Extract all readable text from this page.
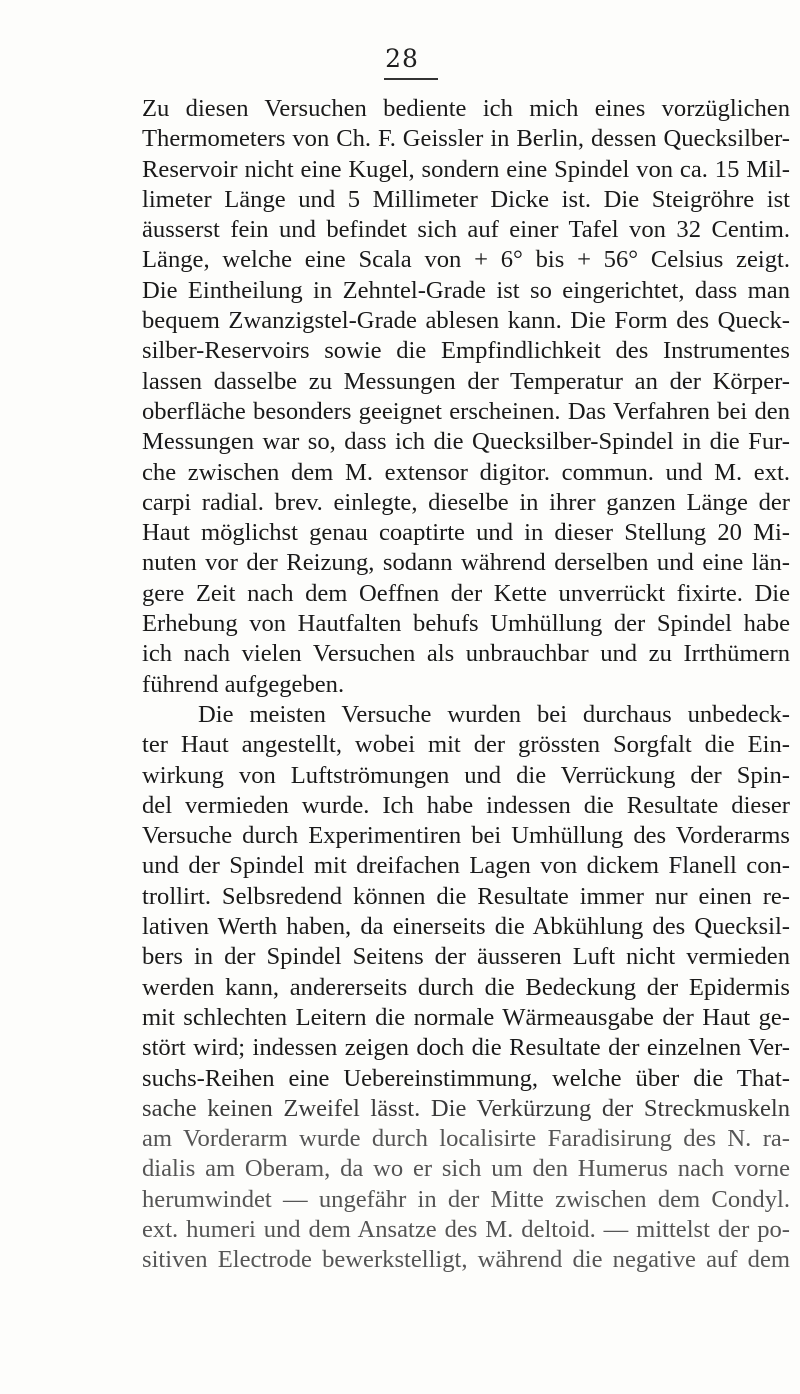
28
Zu diesen Versuchen bediente ich mich eines vorzüglichen
Thermometers von Ch. F. Geissler in Berlin, dessen Quecksilber-
Reservoir nicht eine Kugel, sondern eine Spindel von ca. 15 Mil-
limeter Länge und 5 Millimeter Dicke ist. Die Steigröhre ist
äusserst fein und befindet sich auf einer Tafel von 32 Centim.
Länge, welche eine Scala von + 6° bis + 56° Celsius zeigt.
Die Eintheilung in Zehntel-Grade ist so eingerichtet, dass man
bequem Zwanzigstel-Grade ablesen kann. Die Form des Queck-
silber-Reservoirs sowie die Empfindlichkeit des Instrumentes
lassen dasselbe zu Messungen der Temperatur an der Körper-
oberfläche besonders geeignet erscheinen. Das Verfahren bei den
Messungen war so, dass ich die Quecksilber-Spindel in die Fur-
che zwischen dem M. extensor digitor. commun. und M. ext.
carpi radial. brev. einlegte, dieselbe in ihrer ganzen Länge der
Haut möglichst genau coaptirte und in dieser Stellung 20 Mi-
nuten vor der Reizung, sodann während derselben und eine län-
gere Zeit nach dem Oeffnen der Kette unverrückt fixirte. Die
Erhebung von Hautfalten behufs Umhüllung der Spindel habe
ich nach vielen Versuchen als unbrauchbar und zu Irrthümern
führend aufgegeben.
Die meisten Versuche wurden bei durchaus unbedeck-
ter Haut angestellt, wobei mit der grössten Sorgfalt die Ein-
wirkung von Luftströmungen und die Verrückung der Spin-
del vermieden wurde. Ich habe indessen die Resultate dieser
Versuche durch Experimentiren bei Umhüllung des Vorderarms
und der Spindel mit dreifachen Lagen von dickem Flanell con-
trollirt. Selbsredend können die Resultate immer nur einen re-
lativen Werth haben, da einerseits die Abkühlung des Quecksil-
bers in der Spindel Seitens der äusseren Luft nicht vermieden
werden kann, andererseits durch die Bedeckung der Epidermis
mit schlechten Leitern die normale Wärmeausgabe der Haut ge-
stört wird; indessen zeigen doch die Resultate der einzelnen Ver-
suchs-Reihen eine Uebereinstimmung, welche über die That-
sache keinen Zweifel lässt. Die Verkürzung der Streckmuskeln
am Vorderarm wurde durch localisirte Faradisirung des N. ra-
dialis am Oberam, da wo er sich um den Humerus nach vorne
herumwindet — ungefähr in der Mitte zwischen dem Condyl.
ext. humeri und dem Ansatze des M. deltoid. — mittelst der po-
sitiven Electrode bewerkstelligt, während die negative auf dem
